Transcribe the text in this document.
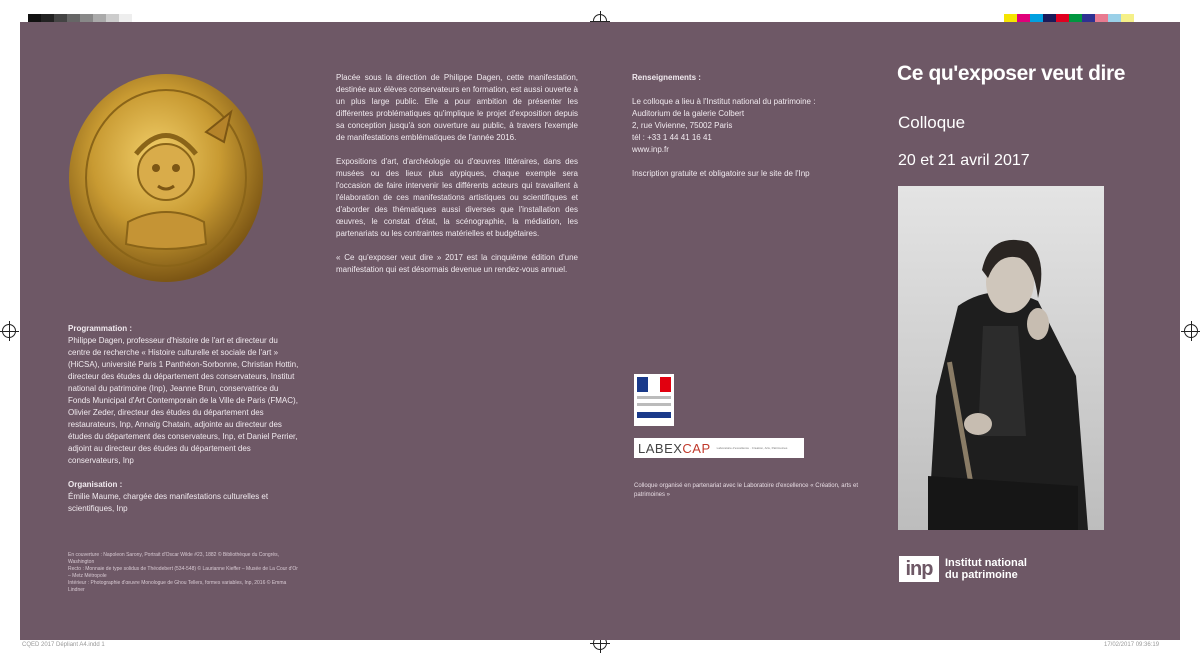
Programmation :

Philippe Dagen, professeur d'histoire de l'art et directeur du centre de recherche « Histoire culturelle et sociale de l'art » (HiCSA), université Paris 1 Panthéon-Sorbonne, Christian Hottin, directeur des études du département des conservateurs, Institut national du patrimoine (Inp), Jeanne Brun, conservatrice du Fonds Municipal d'Art Contemporain de la Ville de Paris (FMAC), Olivier Zeder, directeur des études du département des restaurateurs, Inp, Annaïg Chatain, adjointe au directeur des études du département des conservateurs, Inp, et Daniel Perrier, adjoint au directeur des études du département des conservateurs, Inp

Organisation :

Émilie Maume, chargée des manifestations culturelles et scientifiques, Inp

En couverture : Napoleon Sarony, Portrait d'Oscar Wilde #23, 1882 © Bibliothèque du Congrès, Washington
Recto : Monnaie de type solidus de Théodebert (534-548) © Laurianne Kieffer – Musée de La Cour d'Or – Metz Métropole
Intérieur : Photographie d'œuvre Monologue de Ghou Tellers, formes variables, Inp, 2016 © Emma Lindner

Placée sous la direction de Philippe Dagen, cette manifestation, destinée aux élèves conservateurs en formation, est aussi ouverte à un plus large public. Elle a pour ambition de présenter les différentes problématiques qu'implique le projet d'exposition depuis sa conception jusqu'à son ouverture au public, à travers l'exemple de manifestations emblématiques de l'année 2016.

Expositions d'art, d'archéologie ou d'œuvres littéraires, dans des musées ou des lieux plus atypiques, chaque exemple sera l'occasion de faire intervenir les différents acteurs qui travaillent à l'élaboration de ces manifestations artistiques ou scientifiques et d'aborder des thématiques aussi diverses que l'installation des œuvres, le constat d'état, la scénographie, la médiation, les partenariats ou les contraintes matérielles et budgétaires.

« Ce qu'exposer veut dire » 2017 est la cinquième édition d'une manifestation qui est désormais devenue un rendez-vous annuel.

Renseignements :

Le colloque a lieu à l'Institut national du patrimoine :
Auditorium de la galerie Colbert
2, rue Vivienne, 75002 Paris
tél : +33 1 44 41 16 41
www.inp.fr

Inscription gratuite et obligatoire sur le site de l'Inp

LABEXCAP Laboratoire d'excellence · Création, Arts, Patrimoines
Colloque organisé en partenariat avec le Laboratoire d'excellence « Création, arts et patrimoines »
Ce qu'exposer veut dire
Colloque
20 et 21 avril 2017
inp	Institut national
du patrimoine
CQED 2017 Dépliant A4.indd 1	17/02/2017 09:36:19
